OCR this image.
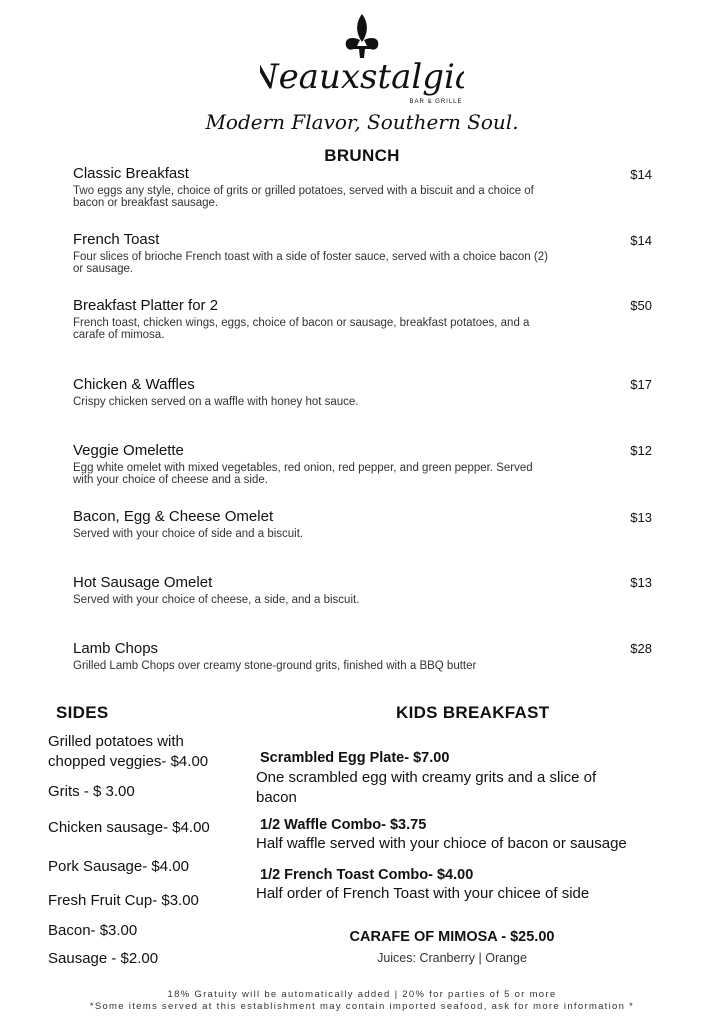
Neauxstalgia
BAR & GRILLE
Modern Flavor, Southern Soul.
BRUNCH
Classic Breakfast
Two eggs any style, choice of grits or grilled potatoes, served with a biscuit and a choice of
bacon or breakfast sausage.
$14
French Toast
Four slices of brioche French toast with a side of foster sauce, served with a choice bacon (2)
or sausage.
$14
Breakfast Platter for 2
French toast, chicken wings, eggs, choice of bacon or sausage, breakfast potatoes, and a
carafe of mimosa.
$50
Chicken & Waffles
Crispy chicken served on a waffle with honey hot sauce.
$17
Veggie Omelette
Egg white omelet with mixed vegetables, red onion, red pepper, and green pepper. Served
with your choice of cheese and a side.
$12
Bacon, Egg & Cheese Omelet
Served with your choice of side and a biscuit.
$13
Hot Sausage Omelet
Served with your choice of cheese, a side, and a biscuit.
$13
Lamb Chops
Grilled Lamb Chops over creamy stone-ground grits, finished with a BBQ butter
$28
SIDES
Grilled potatoes with
chopped veggies- $4.00
Grits - $ 3.00
Chicken sausage- $4.00
Pork Sausage- $4.00
Fresh Fruit Cup- $3.00
Bacon- $3.00
Sausage - $2.00
KIDS BREAKFAST
Scrambled Egg Plate- $7.00
One scrambled egg with creamy grits and a slice of
bacon
1/2 Waffle Combo- $3.75
Half waffle served with your chioce of bacon or sausage
1/2 French Toast Combo- $4.00
Half order of French Toast with your chicee of side
CARAFE OF MIMOSA - $25.00
Juices: Cranberry | Orange
18% Gratuity will be automatically added | 20% for parties of 5 or more
*Some items served at this establishment may contain imported seafood, ask for more information *
